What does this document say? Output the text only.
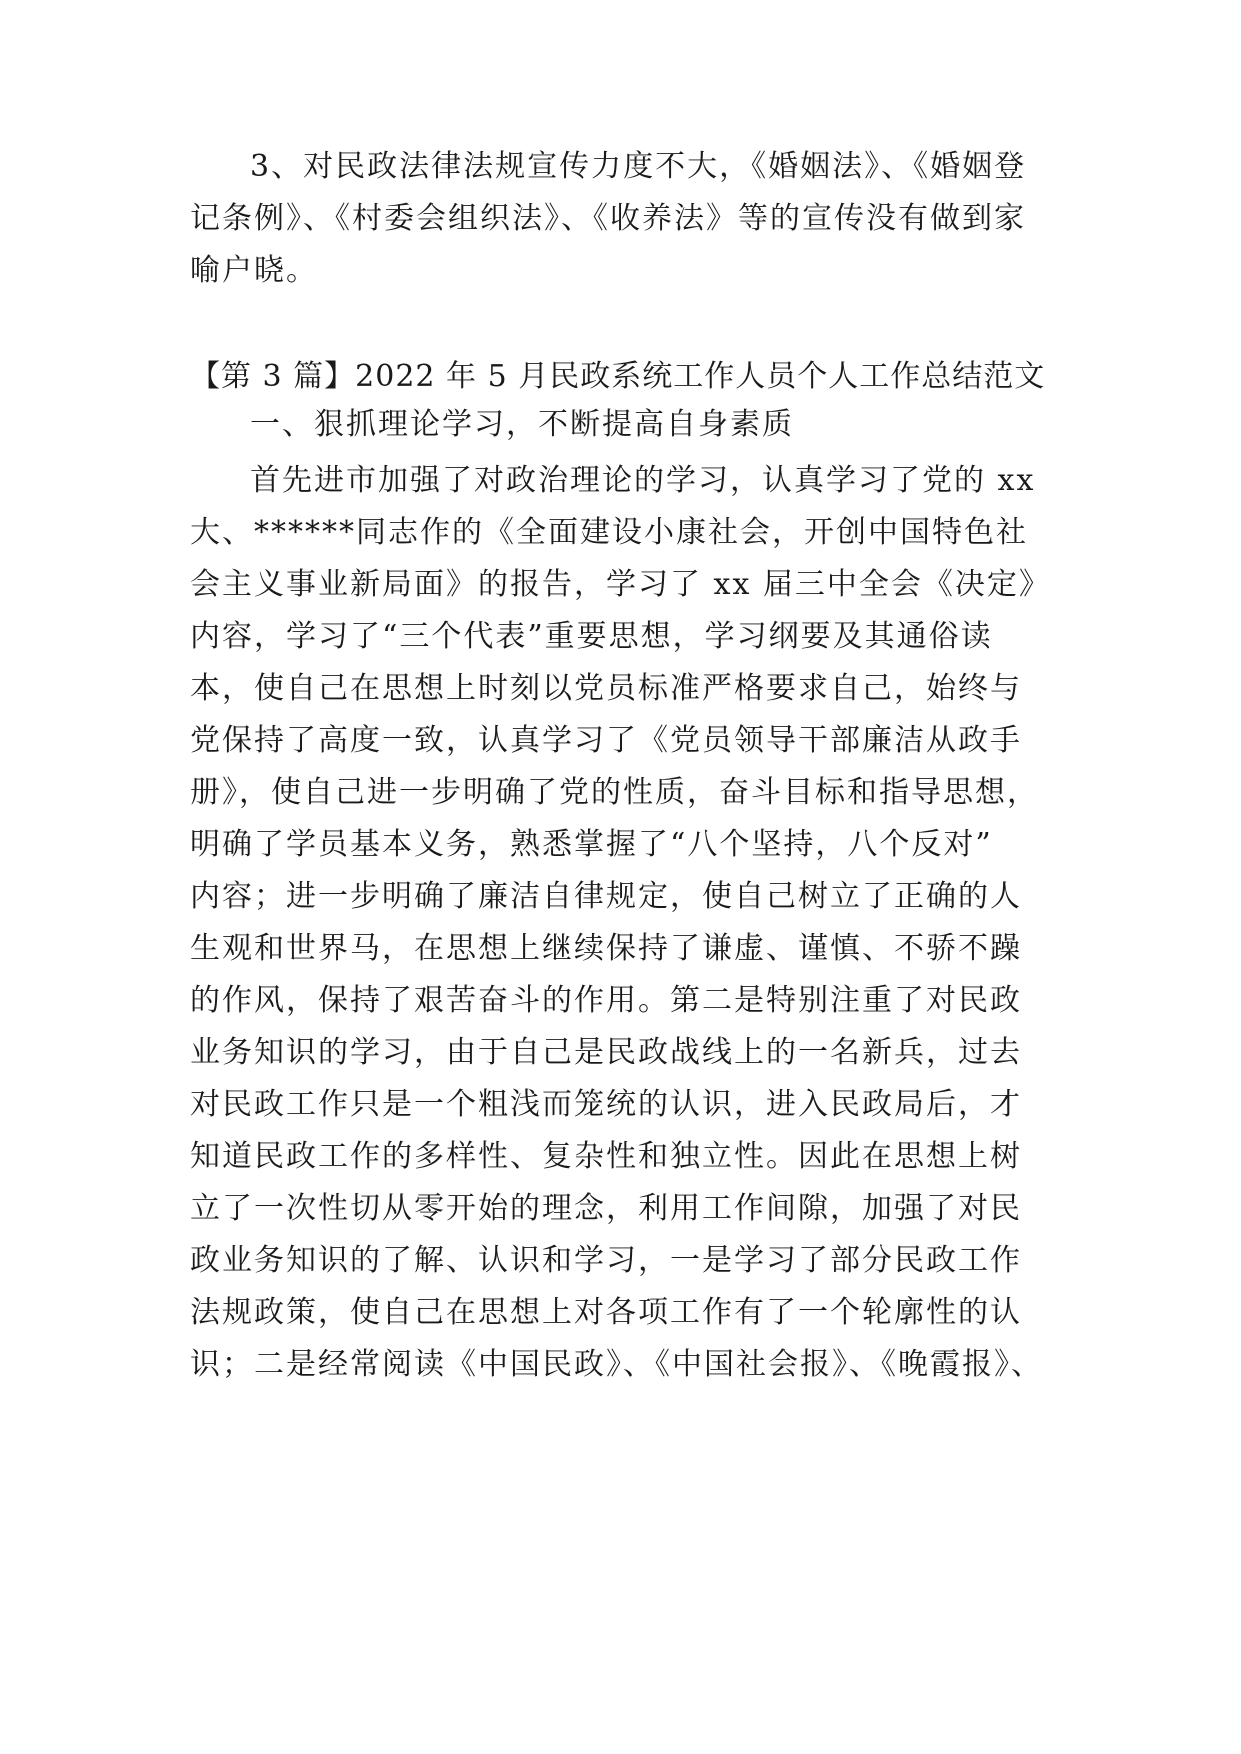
3、对民政法律法规宣传力度不大，《婚姻法》、《婚姻登
记条例》、《村委会组织法》、《收养法》等的宣传没有做到家
喻户晓。
【第 3 篇】2022 年 5 月民政系统工作人员个人工作总结范文
一、狠抓理论学习，不断提高自身素质
首先进市加强了对政治理论的学习，认真学习了党的 xx
大、******同志作的《全面建设小康社会，开创中国特色社
会主义事业新局面》的报告，学习了 xx 届三中全会《决定》
内容，学习了“三个代表”重要思想，学习纲要及其通俗读
本，使自己在思想上时刻以党员标准严格要求自己，始终与
党保持了高度一致，认真学习了《党员领导干部廉洁从政手
册》，使自己进一步明确了党的性质，奋斗目标和指导思想，
明确了学员基本义务，熟悉掌握了“八个坚持，八个反对”
内容；进一步明确了廉洁自律规定，使自己树立了正确的人
生观和世界马，在思想上继续保持了谦虚、谨慎、不骄不躁
的作风，保持了艰苦奋斗的作用。第二是特别注重了对民政
业务知识的学习，由于自己是民政战线上的一名新兵，过去
对民政工作只是一个粗浅而笼统的认识，进入民政局后，才
知道民政工作的多样性、复杂性和独立性。因此在思想上树
立了一次性切从零开始的理念，利用工作间隙，加强了对民
政业务知识的了解、认识和学习，一是学习了部分民政工作
法规政策，使自己在思想上对各项工作有了一个轮廓性的认
识；二是经常阅读《中国民政》、《中国社会报》、《晚霞报》、
